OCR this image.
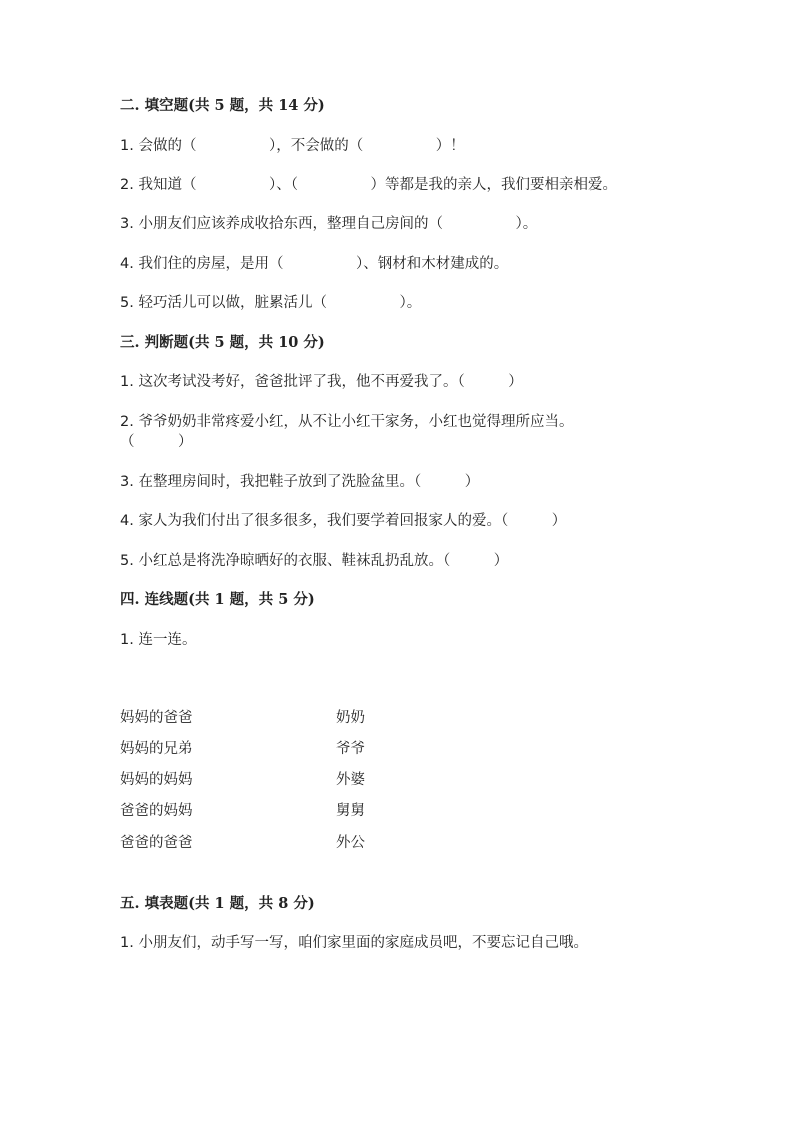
二. 填空题(共 5 题，共 14 分)
1. 会做的（　　　　　），不会做的（　　　　　）！
2. 我知道（　　　　　）、（　　　　　）等都是我的亲人，我们要相亲相爱。
3. 小朋友们应该养成收拾东西，整理自己房间的（　　　　　）。
4. 我们住的房屋，是用（　　　　　）、钢材和木材建成的。
5. 轻巧活儿可以做，脏累活儿（　　　　　）。
三. 判断题(共 5 题，共 10 分)
1. 这次考试没考好，爸爸批评了我，他不再爱我了。（　　　）
2. 爷爷奶奶非常疼爱小红，从不让小红干家务，小红也觉得理所应当。
（　　　）
3. 在整理房间时，我把鞋子放到了洗脸盆里。（　　　）
4. 家人为我们付出了很多很多，我们要学着回报家人的爱。（　　　）
5. 小红总是将洗净晾晒好的衣服、鞋袜乱扔乱放。（　　　）
四. 连线题(共 1 题，共 5 分)
1. 连一连。
妈妈的爸爸
妈妈的兄弟
妈妈的妈妈
爸爸的妈妈
爸爸的爸爸
奶奶
爷爷
外婆
舅舅
外公
五. 填表题(共 1 题，共 8 分)
1. 小朋友们，动手写一写，咱们家里面的家庭成员吧，不要忘记自己哦。
